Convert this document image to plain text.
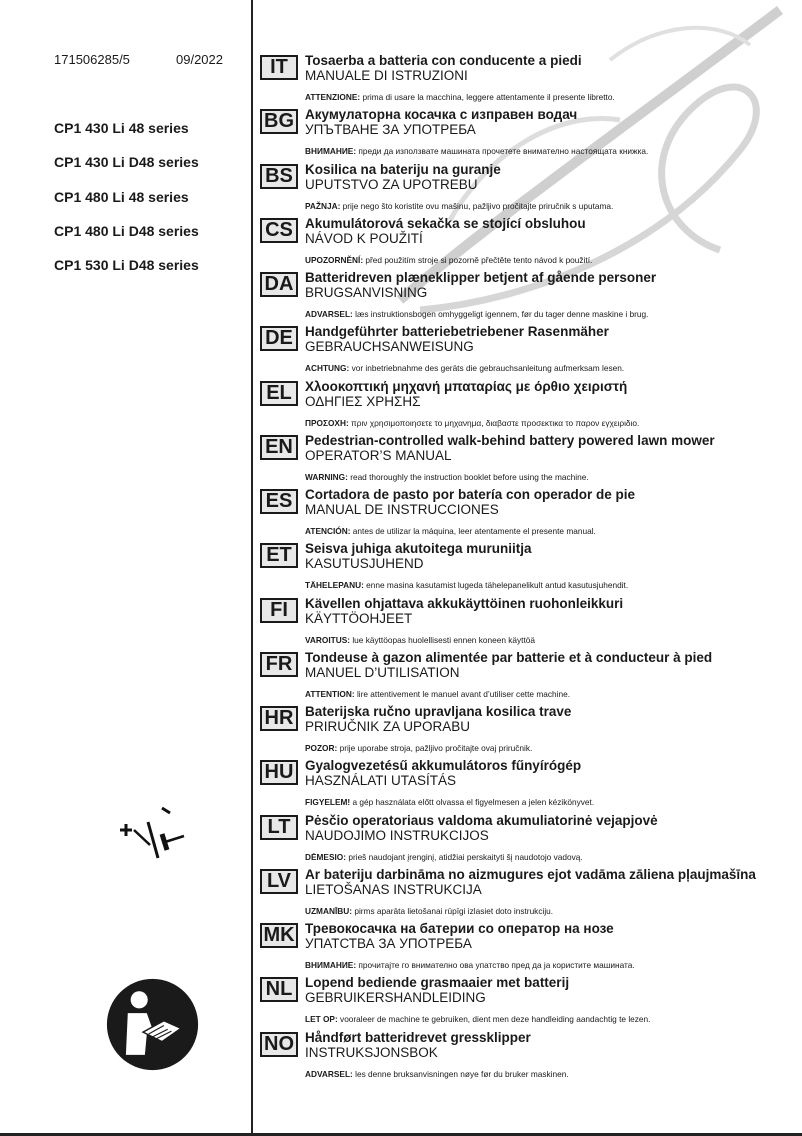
171506285/5	09/2022
CP1 430 Li 48 series
CP1 430 Li D48 series
CP1 480 Li 48 series
CP1 480 Li D48 series
CP1 530 Li D48 series
IT	Tosaerba a batteria con conducente a piedi
MANUALE DI ISTRUZIONI
ATTENZIONE: prima di usare la macchina, leggere attentamente il presente libretto.
BG Акумулаторна косачка с изправен водач
УПЪТВАНЕ ЗА УПОТРЕБА
ВНИМАНИЕ: преди да използвате машината прочетете внимателно настоящата книжка.
BS Kosilica na bateriju na guranje
UPUTSTVO ZA UPOTREBU
PAŽNJA: prije nego što koristite ovu mašinu, pažljivo pročitajte priručnik s uputama.
CS Akumulátorová sekačka se stojící obsluhou
NÁVOD K POUŽITÍ
UPOZORNĚNÍ: před použitím stroje si pozorně přečtěte tento návod k použití.
DA Batteridreven plæneklipper betjent af gående personer
BRUGSANVISNING
ADVARSEL: læs instruktionsbogen omhyggeligt igennem, før du tager denne maskine i brug.
DE Handgeführter batteriebetriebener Rasenmäher
GEBRAUCHSANWEISUNG
ACHTUNG: vor inbetriebnahme des geräts die gebrauchsanleitung aufmerksam lesen.
EL Χλοοκοπτική μηχανή μπαταρίας με όρθιο χειριστή
ΟΔΗΓΙΕΣ ΧΡΗΣΗΣ
ΠΡΟΣΟΧΗ: πριν χρησιμοποιησετε το μηχανημα, διαβαστε προσεκτικα το παρον εγχειριδιο.
EN Pedestrian-controlled walk-behind battery powered lawn mower
OPERATOR’S MANUAL
WARNING: read thoroughly the instruction booklet before using the machine.
ES Cortadora de pasto por batería con operador de pie
MANUAL DE INSTRUCCIONES
ATENCIÓN: antes de utilizar la máquina, leer atentamente el presente manual.
ET Seisva juhiga akutoitega muruniitja
KASUTUSJUHEND
TÄHELEPANU: enne masina kasutamist lugeda tähelepanelikult antud kasutusjuhendit.
FI	Kävellen ohjattava akkukäyttöinen ruohonleikkuri
KÄYTTÖOHJEET
VAROITUS: lue käyttöopas huolellisesti ennen koneen käyttöä
FR Tondeuse à gazon alimentée par batterie et à conducteur à pied
MANUEL D’UTILISATION
ATTENTION: lire attentivement le manuel avant d’utiliser cette machine.
HR Baterijska ručno upravljana kosilica trave
PRIRUČNIK ZA UPORABU
POZOR: prije uporabe stroja, pažljivo pročitajte ovaj priručnik.
HU Gyalogvezetésű akkumulátoros fűnyírógép
HASZNÁLATI UTASÍTÁS
FIGYELEM! a gép használata előtt olvassa el figyelmesen a jelen kézikönyvet.
LT	Pėsčio operatoriaus valdoma akumuliatorinė vejapjovė
NAUDOJIMO INSTRUKCIJOS
DĖMESIO: prieš naudojant įrenginį, atidžiai perskaityti šį naudotojo vadovą.
LV	Ar bateriju darbināma no aizmugures ejot vadāma zāliena pļaujmašīna
LIETOŠANAS INSTRUKCIJA
UZMANĪBU: pirms aparāta lietošanai rūpīgi izlasiet doto instrukciju.
MK Тревокосачка на батерии со оператор на нозе
УПАТСТВА ЗА УПОТРЕБА
ВНИМАНИЕ: прочитајте го внимателно ова упатство пред да ја користите машината.
NL Lopend bediende grasmaaier met batterij
GEBRUIKERSHANDLEIDING
LET OP: vooraleer de machine te gebruiken, dient men deze handleiding aandachtig te lezen.
NO Håndført batteridrevet gressklipper
INSTRUKSJONSBOK
ADVARSEL: les denne bruksanvisningen nøye før du bruker maskinen.
